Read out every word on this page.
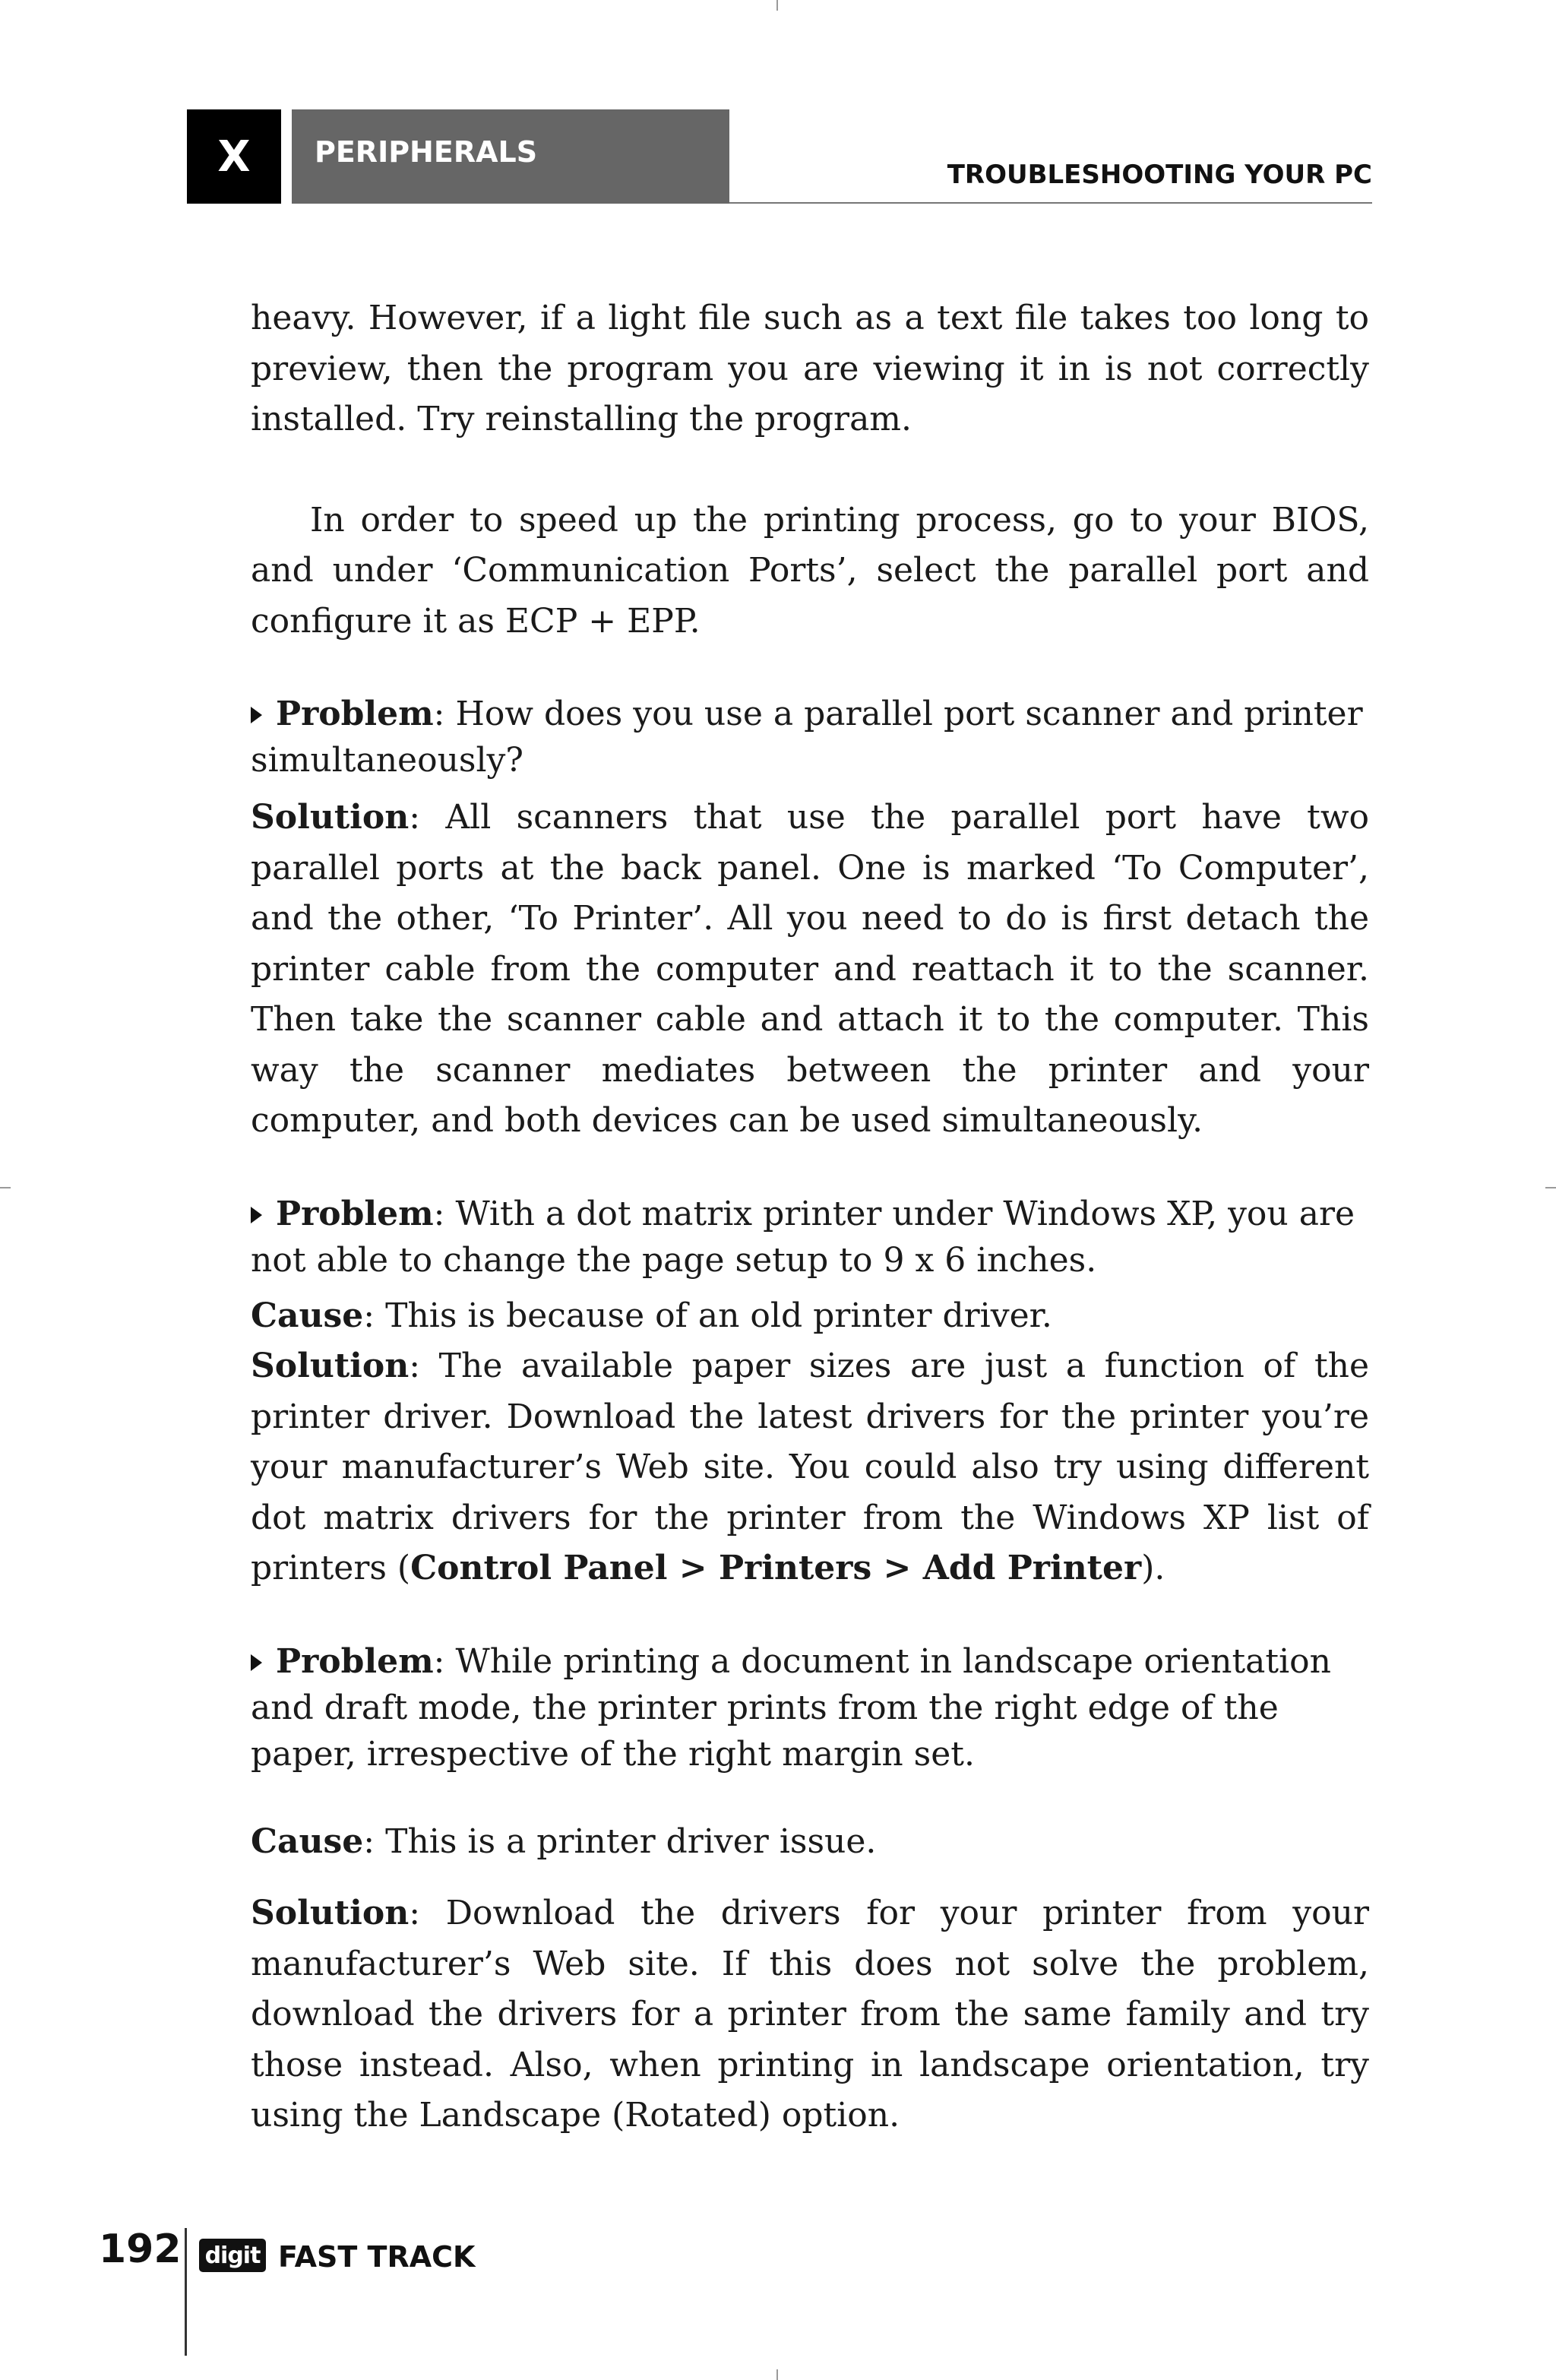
X	PERIPHERALS
TROUBLESHOOTING YOUR PC

heavy. However, if a light file such as a text file takes too long to preview, then the program you are viewing it in is not correctly installed. Try reinstalling the program.

In order to speed up the printing process, go to your BIOS, and under ‘Communication Ports’, select the parallel port and configure it as ECP + EPP.

Problem: How does you use a parallel port scanner and printer simultaneously?

Solution: All scanners that use the parallel port have two parallel ports at the back panel. One is marked ‘To Computer’, and the other, ‘To Printer’. All you need to do is first detach the printer cable from the computer and reattach it to the scanner. Then take the scanner cable and attach it to the computer. This way the scanner mediates between the printer and your computer, and both devices can be used simultaneously.

Problem: With a dot matrix printer under Windows XP, you are not able to change the page setup to 9 x 6 inches.

Cause: This is because of an old printer driver.

Solution: The available paper sizes are just a function of the printer driver. Download the latest drivers for the printer you’re your manufacturer’s Web site. You could also try using different dot matrix drivers for the printer from the Windows XP list of printers (Control Panel > Printers > Add Printer).

Problem: While printing a document in landscape orientation and draft mode, the printer prints from the right edge of the paper, irrespective of the right margin set.

Cause: This is a printer driver issue.

Solution: Download the drivers for your printer from your manufacturer’s Web site. If this does not solve the problem, download the drivers for a printer from the same family and try those instead. Also, when printing in landscape orientation, try using the Landscape (Rotated) option.

192 digit FAST TRACK
